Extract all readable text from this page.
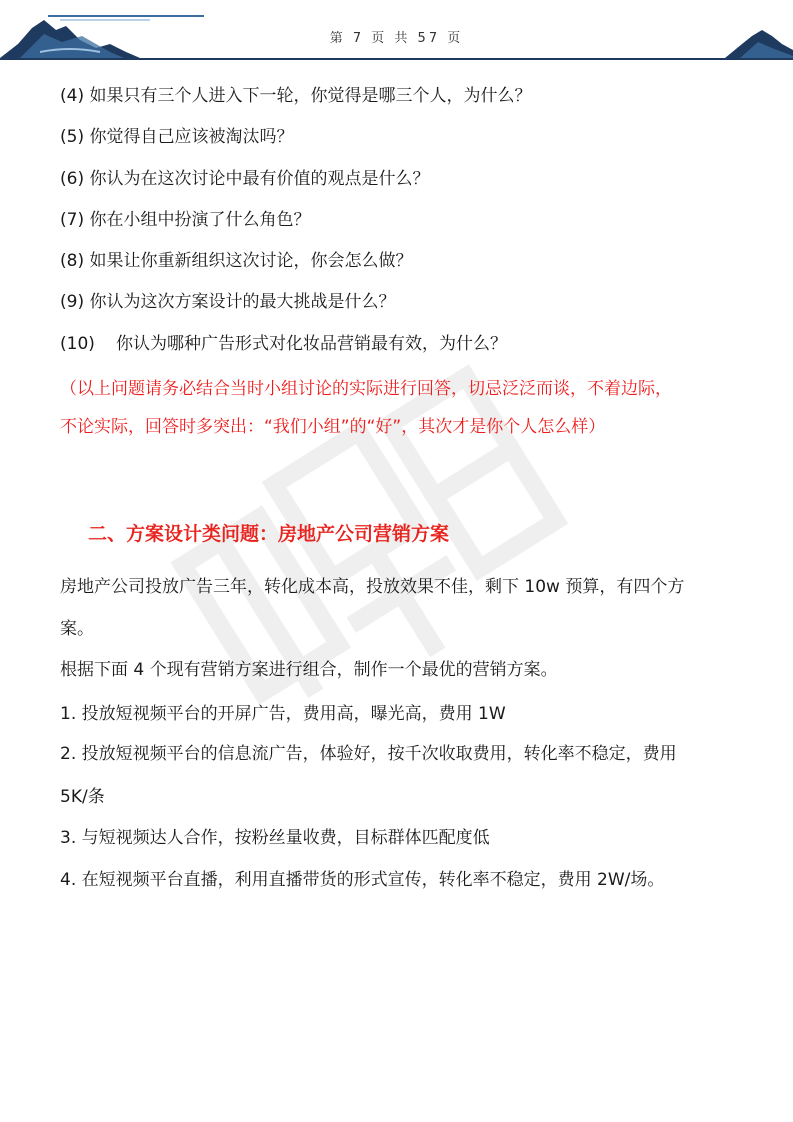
第 7 页 共 57 页
(4) 如果只有三个人进入下一轮，你觉得是哪三个人，为什么？
(5) 你觉得自己应该被淘汰吗？
(6) 你认为在这次讨论中最有价值的观点是什么？
(7) 你在小组中扮演了什么角色？
(8) 如果让你重新组织这次讨论，你会怎么做？
(9) 你认为这次方案设计的最大挑战是什么？
(10) 你认为哪种广告形式对化妆品营销最有效，为什么？
（以上问题请务必结合当时小组讨论的实际进行回答，切忌泛泛而谈，不着边际，
不论实际，回答时多突出：“我们小组”的“好”，其次才是你个人怎么样）
二、方案设计类问题：房地产公司营销方案
房地产公司投放广告三年，转化成本高，投放效果不佳，剩下 10w 预算，有四个方
案。
根据下面 4 个现有营销方案进行组合，制作一个最优的营销方案。
1. 投放短视频平台的开屏广告，费用高，曝光高，费用 1W
2. 投放短视频平台的信息流广告，体验好，按千次收取费用，转化率不稳定，费用
5K/条
3. 与短视频达人合作，按粉丝量收费，目标群体匹配度低
4. 在短视频平台直播，利用直播带货的形式宣传，转化率不稳定，费用 2W/场。
